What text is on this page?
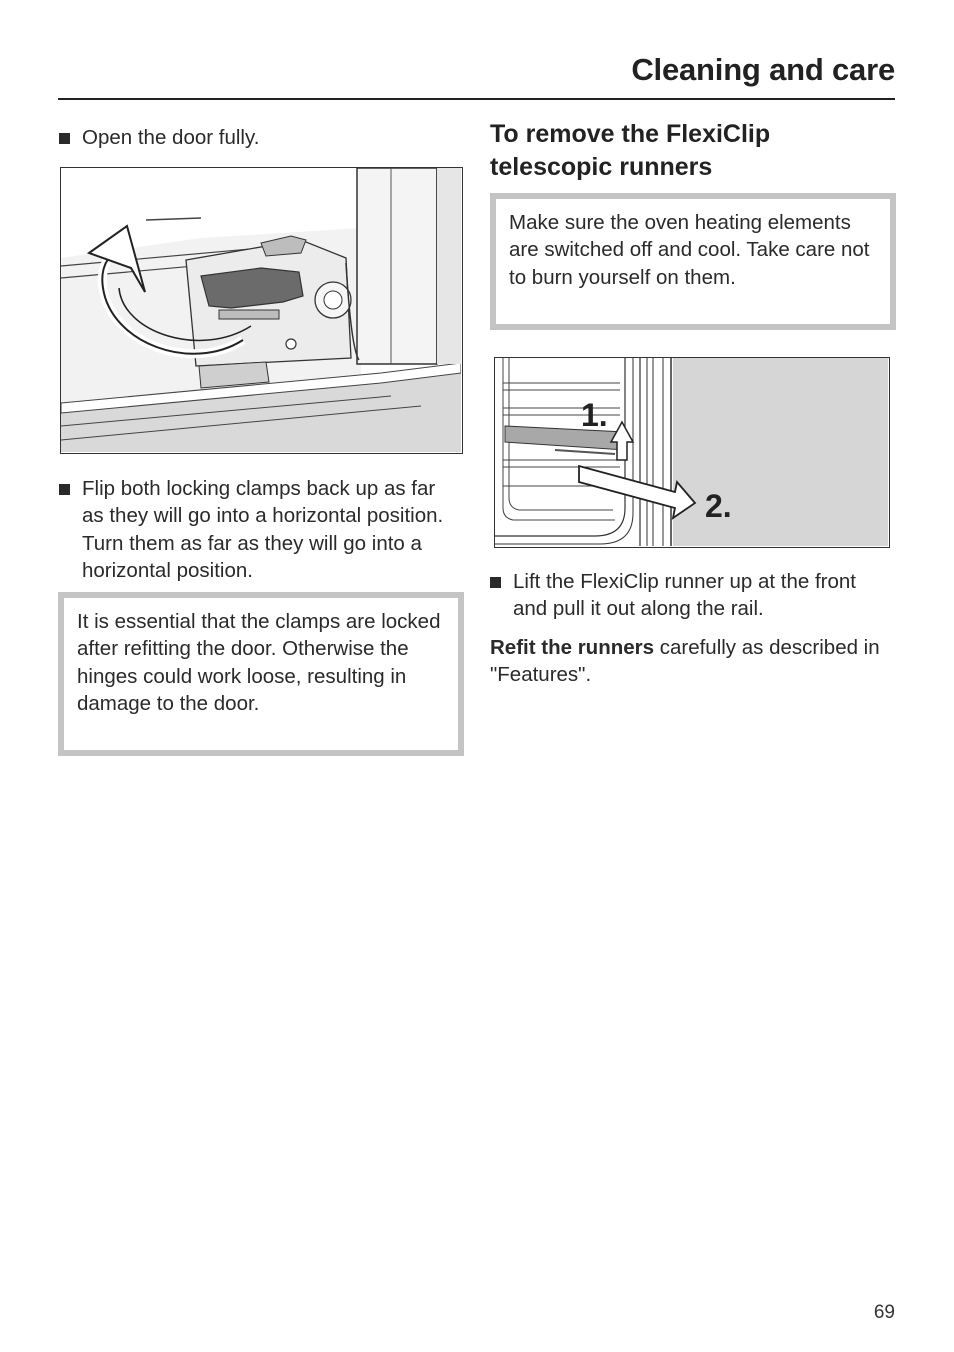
Cleaning and care
Open the door fully.
Flip both locking clamps back up as far as they will go into a horizontal position. Turn them as far as they will go into a horizontal position.
It is essential that the clamps are locked after refitting the door. Otherwise the hinges could work loose, resulting in damage to the door.
To remove the FlexiClip telescopic runners
Make sure the oven heating elements are switched off and cool. Take care not to burn yourself on them.
1.
2.
Lift the FlexiClip runner up at the front and pull it out along the rail.
Refit the runners carefully as described in "Features".
69
